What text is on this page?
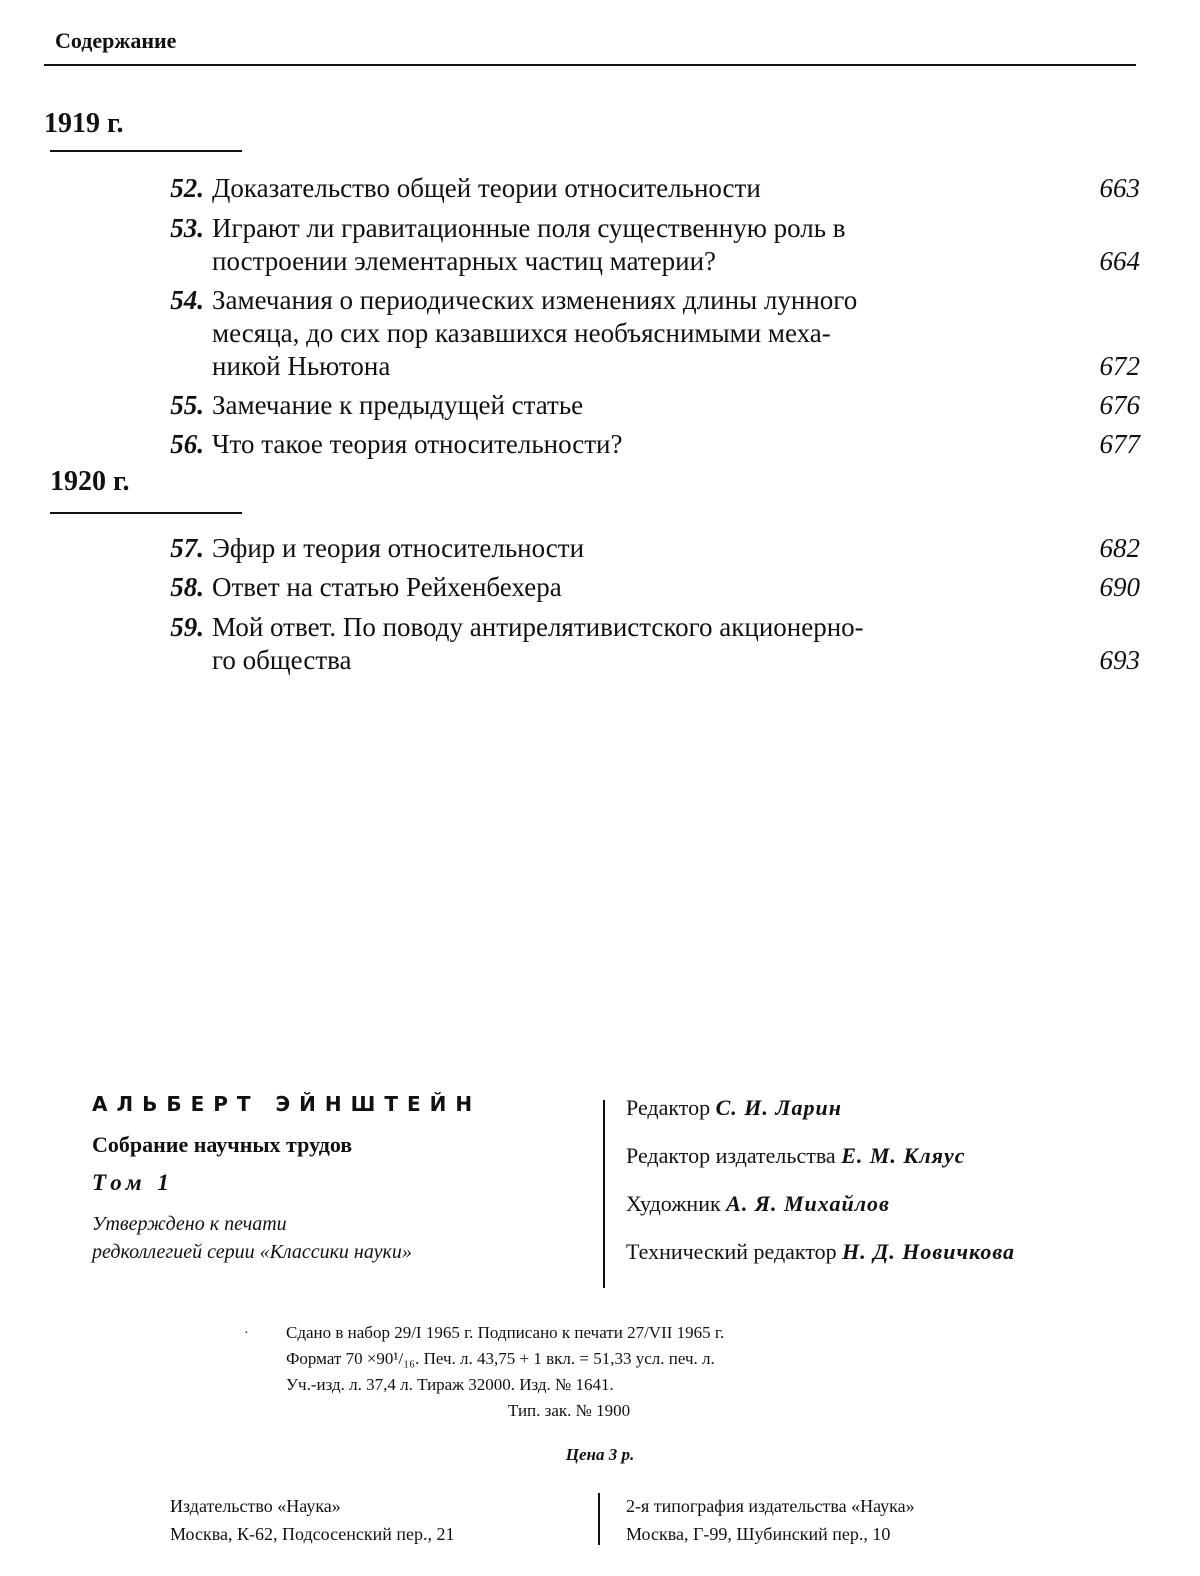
Содержание
1919 г.
52. Доказательство общей теории относительности	663
53. Играют ли гравитационные поля существенную роль в
построении элементарных частиц материи?	664
54. Замечания о периодических изменениях длины лунного
месяца, до сих пор казавшихся необъяснимыми меха-
никой Ньютона	672
55. Замечание к предыдущей статье	676
56. Что такое теория относительности?	677
1920 г.
57. Эфир и теория относительности	682
58. Ответ на статью Рейхенбехера	690
59. Мой ответ. По поводу антирелятивистского акционерно-
го общества	693
АЛЬБЕРТ ЭЙНШТЕЙН
Собрание научных трудов
Том 1
Утверждено к печати
редколлегией серии «Классики науки»
Редактор С. И. Ларин
Редактор издательства Е. М. Кляус
Художник А. Я. Михайлов
Технический редактор Н. Д. Новичкова
· Сдано в набор 29/I 1965 г. Подписано к печати 27/VII 1965 г.
Формат 70 ×90¹/₁₆. Печ. л. 43,75 + 1 вкл. = 51,33 усл. печ. л.
Уч.-изд. л. 37,4 л. Тираж 32000. Изд. № 1641.
Тип. зак. № 1900
Цена 3 р.
Издательство «Наука»
Москва, К-62, Подсосенский пер., 21
2-я типография издательства «Наука»
Москва, Г-99, Шубинский пер., 10
